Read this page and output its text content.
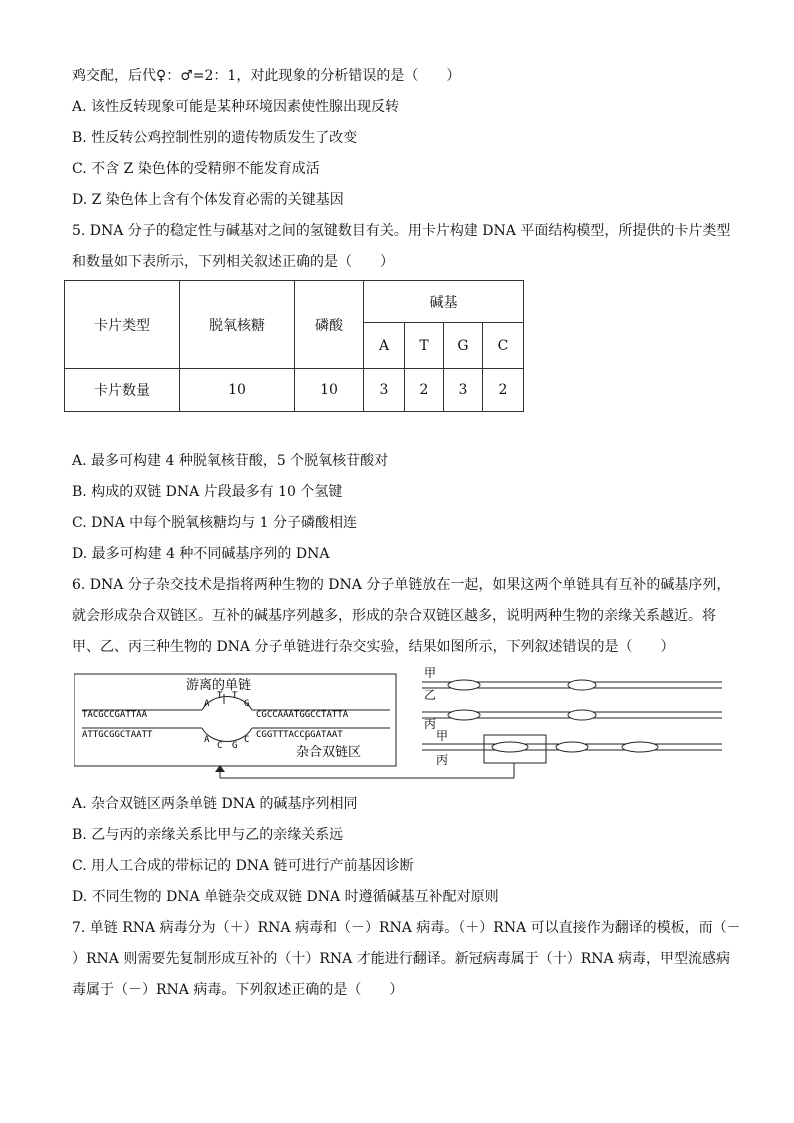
鸡交配，后代♀：♂=2：1，对此现象的分析错误的是（　　）
A. 该性反转现象可能是某种环境因素使性腺出现反转
B. 性反转公鸡控制性别的遗传物质发生了改变
C. 不含 Z 染色体的受精卵不能发育成活
D. Z 染色体上含有个体发育必需的关键基因
5. DNA 分子的稳定性与碱基对之间的氢键数目有关。用卡片构建 DNA 平面结构模型，所提供的卡片类型
和数量如下表所示，下列相关叙述正确的是（　　）
卡片类型	脱氧核糖	磷酸	碱基			
			A	T	G	C
卡片数量	10	10	3	2	3	2
A. 最多可构建 4 种脱氧核苷酸，5 个脱氧核苷酸对
B. 构成的双链 DNA 片段最多有 10 个氢键
C. DNA 中每个脱氧核糖均与 1 分子磷酸相连
D. 最多可构建 4 种不同碱基序列的 DNA
6. DNA 分子杂交技术是指将两种生物的 DNA 分子单链放在一起，如果这两个单链具有互补的碱基序列，
就会形成杂合双链区。互补的碱基序列越多，形成的杂合双链区越多，说明两种生物的亲缘关系越近。将
甲、乙、丙三种生物的 DNA 分子单链进行杂交实验，结果如图所示，下列叙述错误的是（　　）
游离的单链
TACGCCGATTAA	CGCCAAATGGCCTATTA
ATTGCGGCTAATT	CGGTTTACCGGATAAT
A
T T
G
A
C G
C
杂合双链区
甲
乙
丙
甲
丙
A. 杂合双链区两条单链 DNA 的碱基序列相同
B. 乙与丙的亲缘关系比甲与乙的亲缘关系远
C. 用人工合成的带标记的 DNA 链可进行产前基因诊断
D. 不同生物的 DNA 单链杂交成双链 DNA 时遵循碱基互补配对原则
7. 单链 RNA 病毒分为（＋）RNA 病毒和（－）RNA 病毒。（＋）RNA 可以直接作为翻译的模板，而（－
）RNA 则需要先复制形成互补的（十）RNA 才能进行翻译。新冠病毒属于（十）RNA 病毒，甲型流感病
毒属于（－）RNA 病毒。下列叙述正确的是（　　）
